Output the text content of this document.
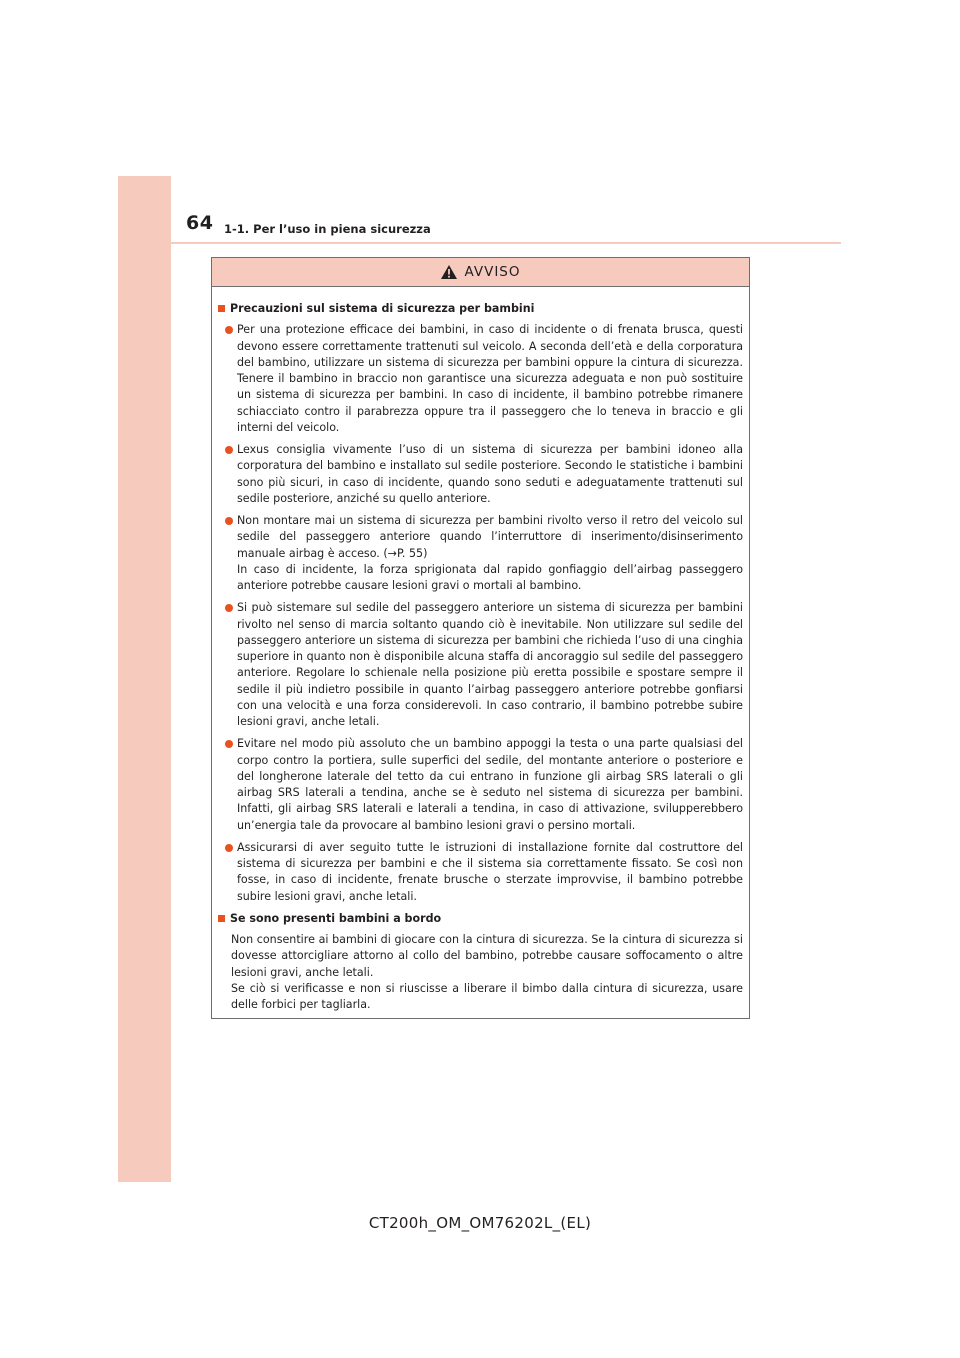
64 1-1. Per l’uso in piena sicurezza
AVVISO
Precauzioni sul sistema di sicurezza per bambini
Per una protezione efficace dei bambini, in caso di incidente o di frenata brusca, questi devono essere correttamente trattenuti sul veicolo. A seconda dell’età e della corporatura del bambino, utilizzare un sistema di sicurezza per bambini oppure la cintura di sicurezza. Tenere il bambino in braccio non garantisce una sicurezza adeguata e non può sostituire un sistema di sicurezza per bambini. In caso di incidente, il bambino potrebbe rimanere schiacciato contro il parabrezza oppure tra il passeggero che lo teneva in braccio e gli interni del veicolo.
Lexus consiglia vivamente l’uso di un sistema di sicurezza per bambini idoneo alla corporatura del bambino e installato sul sedile posteriore. Secondo le statistiche i bambini sono più sicuri, in caso di incidente, quando sono seduti e adeguatamente trattenuti sul sedile posteriore, anziché su quello anteriore.
Non montare mai un sistema di sicurezza per bambini rivolto verso il retro del veicolo sul sedile del passeggero anteriore quando l’interruttore di inserimento/disinserimento manuale airbag è acceso. (→P. 55)
In caso di incidente, la forza sprigionata dal rapido gonfiaggio dell’airbag passeggero anteriore potrebbe causare lesioni gravi o mortali al bambino.
Si può sistemare sul sedile del passeggero anteriore un sistema di sicurezza per bambini rivolto nel senso di marcia soltanto quando ciò è inevitabile. Non utilizzare sul sedile del passeggero anteriore un sistema di sicurezza per bambini che richieda l’uso di una cinghia superiore in quanto non è disponibile alcuna staffa di ancoraggio sul sedile del passeggero anteriore. Regolare lo schienale nella posizione più eretta possibile e spostare sempre il sedile il più indietro possibile in quanto l’airbag passeggero anteriore potrebbe gonfiarsi con una velocità e una forza considerevoli. In caso contrario, il bambino potrebbe subire lesioni gravi, anche letali.
Evitare nel modo più assoluto che un bambino appoggi la testa o una parte qualsiasi del corpo contro la portiera, sulle superfici del sedile, del montante anteriore o posteriore e del longherone laterale del tetto da cui entrano in funzione gli airbag SRS laterali o gli airbag SRS laterali a tendina, anche se è seduto nel sistema di sicurezza per bambini. Infatti, gli airbag SRS laterali e laterali a tendina, in caso di attivazione, svilupperebbero un’energia tale da provocare al bambino lesioni gravi o persino mortali.
Assicurarsi di aver seguito tutte le istruzioni di installazione fornite dal costruttore del sistema di sicurezza per bambini e che il sistema sia correttamente fissato. Se così non fosse, in caso di incidente, frenate brusche o sterzate improvvise, il bambino potrebbe subire lesioni gravi, anche letali.
Se sono presenti bambini a bordo

Non consentire ai bambini di giocare con la cintura di sicurezza. Se la cintura di sicurezza si dovesse attorcigliare attorno al collo del bambino, potrebbe causare soffocamento o altre lesioni gravi, anche letali.

Se ciò si verificasse e non si riuscisse a liberare il bimbo dalla cintura di sicurezza, usare delle forbici per tagliarla.

CT200h_OM_OM76202L_(EL)
